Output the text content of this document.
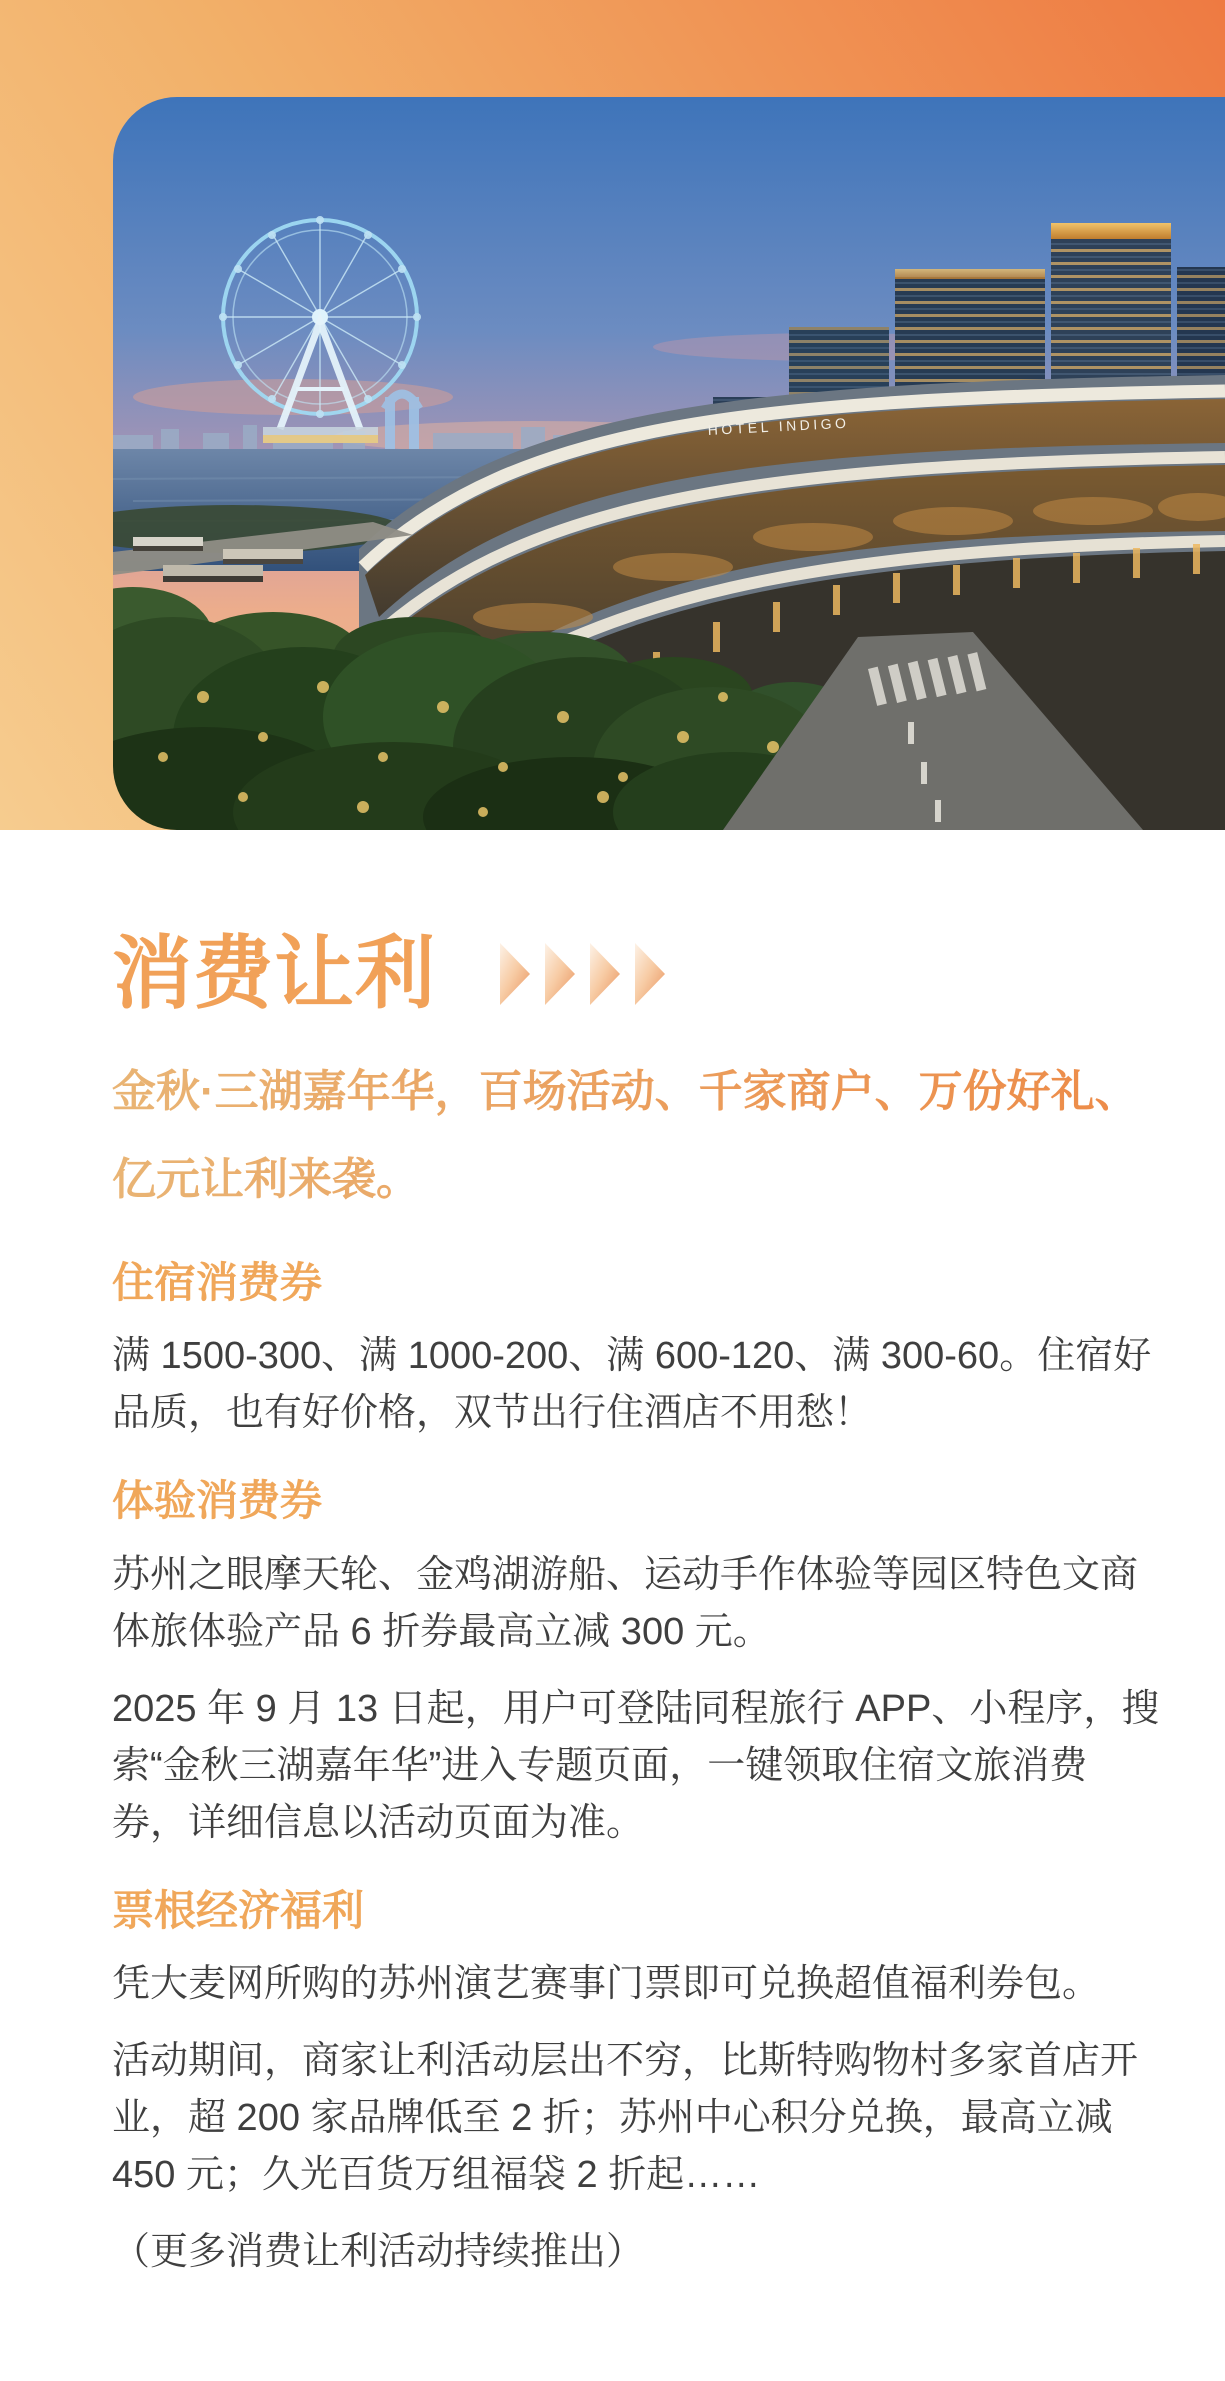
HOTEL INDIGO
消费让利

金秋·三湖嘉年华，百场活动、千家商户、万份好礼、
亿元让利来袭。

住宿消费券

满 1500-300、满 1000-200、满 600-120、满 300-60。住宿好品质，也有好价格，双节出行住酒店不用愁！

体验消费券

苏州之眼摩天轮、金鸡湖游船、运动手作体验等园区特色文商体旅体验产品 6 折券最高立减 300 元。

2025 年 9 月 13 日起，用户可登陆同程旅行 APP、小程序，搜索“金秋三湖嘉年华”进入专题页面，一键领取住宿文旅消费券，详细信息以活动页面为准。

票根经济福利

凭大麦网所购的苏州演艺赛事门票即可兑换超值福利券包。

活动期间，商家让利活动层出不穷，比斯特购物村多家首店开业，超 200 家品牌低至 2 折；苏州中心积分兑换，最高立减 450 元；久光百货万组福袋 2 折起……

（更多消费让利活动持续推出）
